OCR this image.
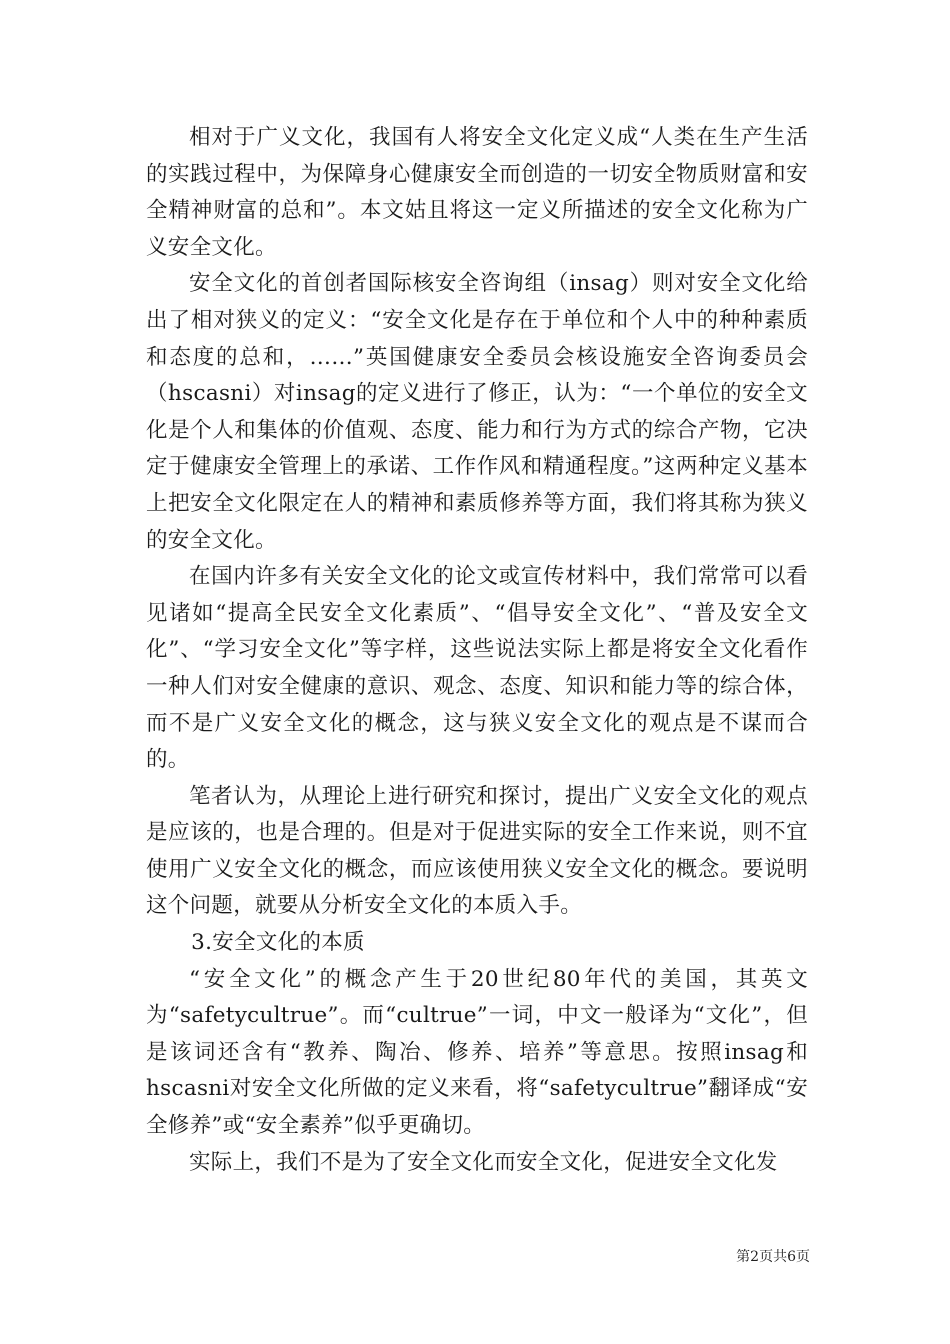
相对于广义文化，我国有人将安全文化定义成“人类在生产生活的实践过程中，为保障身心健康安全而创造的一切安全物质财富和安全精神财富的总和”。本文姑且将这一定义所描述的安全文化称为广义安全文化。

安全文化的首创者国际核安全咨询组（insag）则对安全文化给出了相对狭义的定义：“安全文化是存在于单位和个人中的种种素质和态度的总和，……”英国健康安全委员会核设施安全咨询委员会（hscasni）对insag的定义进行了修正，认为：“一个单位的安全文化是个人和集体的价值观、态度、能力和行为方式的综合产物，它决定于健康安全管理上的承诺、工作作风和精通程度。”这两种定义基本上把安全文化限定在人的精神和素质修养等方面，我们将其称为狭义的安全文化。

在国内许多有关安全文化的论文或宣传材料中，我们常常可以看见诸如“提高全民安全文化素质”、“倡导安全文化”、“普及安全文化”、“学习安全文化”等字样，这些说法实际上都是将安全文化看作一种人们对安全健康的意识、观念、态度、知识和能力等的综合体，而不是广义安全文化的概念，这与狭义安全文化的观点是不谋而合的。

笔者认为，从理论上进行研究和探讨，提出广义安全文化的观点是应该的，也是合理的。但是对于促进实际的安全工作来说，则不宜使用广义安全文化的概念，而应该使用狭义安全文化的概念。要说明这个问题，就要从分析安全文化的本质入手。

3.安全文化的本质

“安全文化”的概念产生于20世纪80年代的美国，其英文为“safetycultrue”。而“cultrue”一词，中文一般译为“文化”，但是该词还含有“教养、陶冶、修养、培养”等意思。按照insag和hscasni对安全文化所做的定义来看，将“safetycultrue”翻译成“安全修养”或“安全素养”似乎更确切。

实际上，我们不是为了安全文化而安全文化，促进安全文化发

第2页共6页
